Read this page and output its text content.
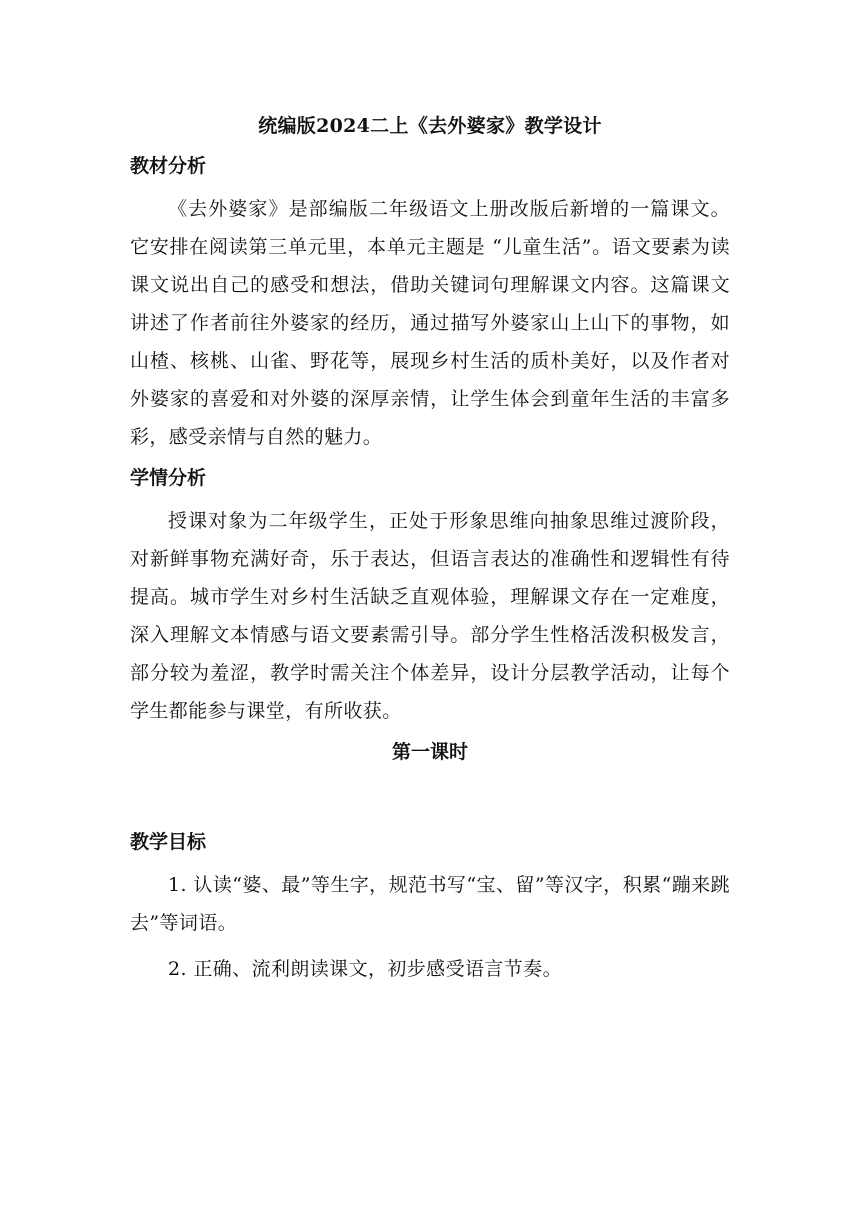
统编版2024二上《去外婆家》教学设计
教材分析

《去外婆家》是部编版二年级语文上册改版后新增的一篇课文。它安排在阅读第三单元里，本单元主题是 “儿童生活”。语文要素为读课文说出自己的感受和想法，借助关键词句理解课文内容。这篇课文讲述了作者前往外婆家的经历，通过描写外婆家山上山下的事物，如山楂、核桃、山雀、野花等，展现乡村生活的质朴美好，以及作者对外婆家的喜爱和对外婆的深厚亲情，让学生体会到童年生活的丰富多彩，感受亲情与自然的魅力。

学情分析

授课对象为二年级学生，正处于形象思维向抽象思维过渡阶段，对新鲜事物充满好奇，乐于表达，但语言表达的准确性和逻辑性有待提高。城市学生对乡村生活缺乏直观体验，理解课文存在一定难度，深入理解文本情感与语文要素需引导。部分学生性格活泼积极发言，部分较为羞涩，教学时需关注个体差异，设计分层教学活动，让每个学生都能参与课堂，有所收获。

第一课时
教学目标

1. 认读“婆、最”等生字，规范书写“宝、留”等汉字，积累“蹦来跳去”等词语。

2. 正确、流利朗读课文，初步感受语言节奏。
